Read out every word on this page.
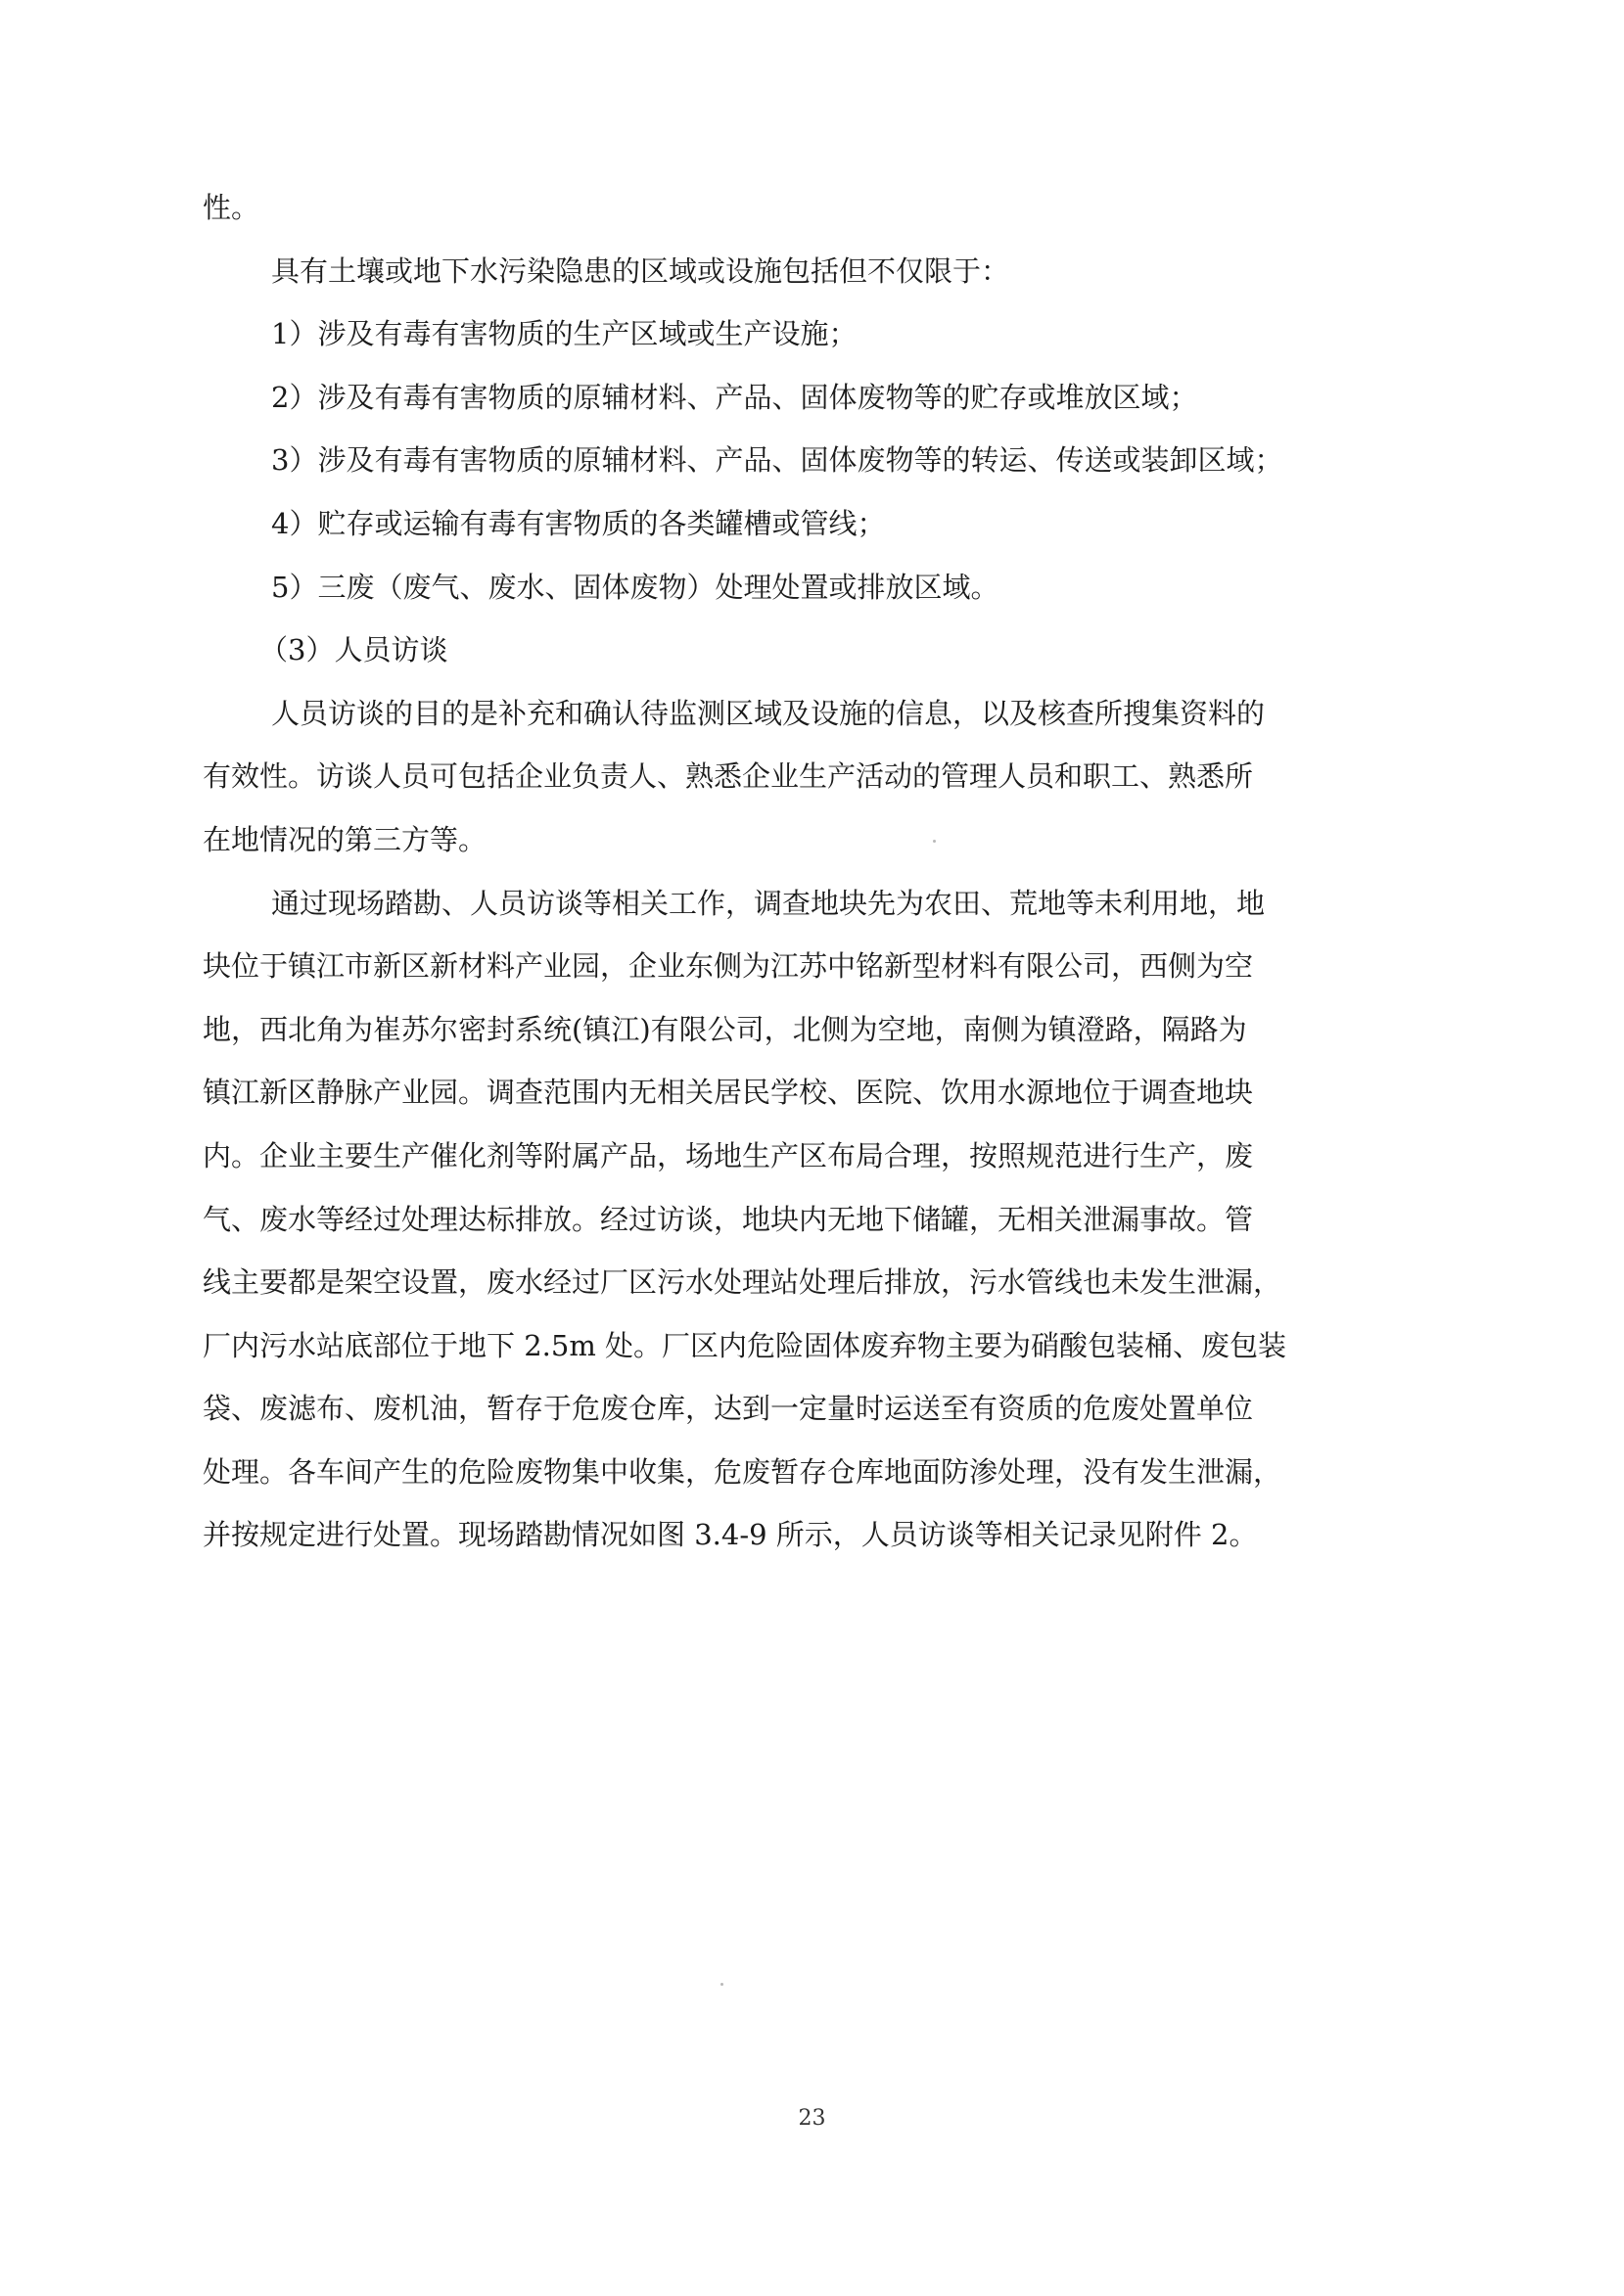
性。

具有土壤或地下水污染隐患的区域或设施包括但不仅限于：

1）涉及有毒有害物质的生产区域或生产设施；

2）涉及有毒有害物质的原辅材料、产品、固体废物等的贮存或堆放区域；

3）涉及有毒有害物质的原辅材料、产品、固体废物等的转运、传送或装卸区域；

4）贮存或运输有毒有害物质的各类罐槽或管线；

5）三废（废气、废水、固体废物）处理处置或排放区域。

（3）人员访谈

人员访谈的目的是补充和确认待监测区域及设施的信息，以及核查所搜集资料的
有效性。访谈人员可包括企业负责人、熟悉企业生产活动的管理人员和职工、熟悉所
在地情况的第三方等。
通过现场踏勘、人员访谈等相关工作，调查地块先为农田、荒地等未利用地，地
块位于镇江市新区新材料产业园，企业东侧为江苏中铭新型材料有限公司，西侧为空
地，西北角为崔苏尔密封系统(镇江)有限公司，北侧为空地，南侧为镇澄路，隔路为
镇江新区静脉产业园。调查范围内无相关居民学校、医院、饮用水源地位于调查地块
内。企业主要生产催化剂等附属产品，场地生产区布局合理，按照规范进行生产，废
气、废水等经过处理达标排放。经过访谈，地块内无地下储罐，无相关泄漏事故。管
线主要都是架空设置，废水经过厂区污水处理站处理后排放，污水管线也未发生泄漏，
厂内污水站底部位于地下 2.5m 处。厂区内危险固体废弃物主要为硝酸包装桶、废包装
袋、废滤布、废机油，暂存于危废仓库，达到一定量时运送至有资质的危废处置单位
处理。各车间产生的危险废物集中收集，危废暂存仓库地面防渗处理，没有发生泄漏，
并按规定进行处置。现场踏勘情况如图 3.4-9 所示，人员访谈等相关记录见附件 2。
23
